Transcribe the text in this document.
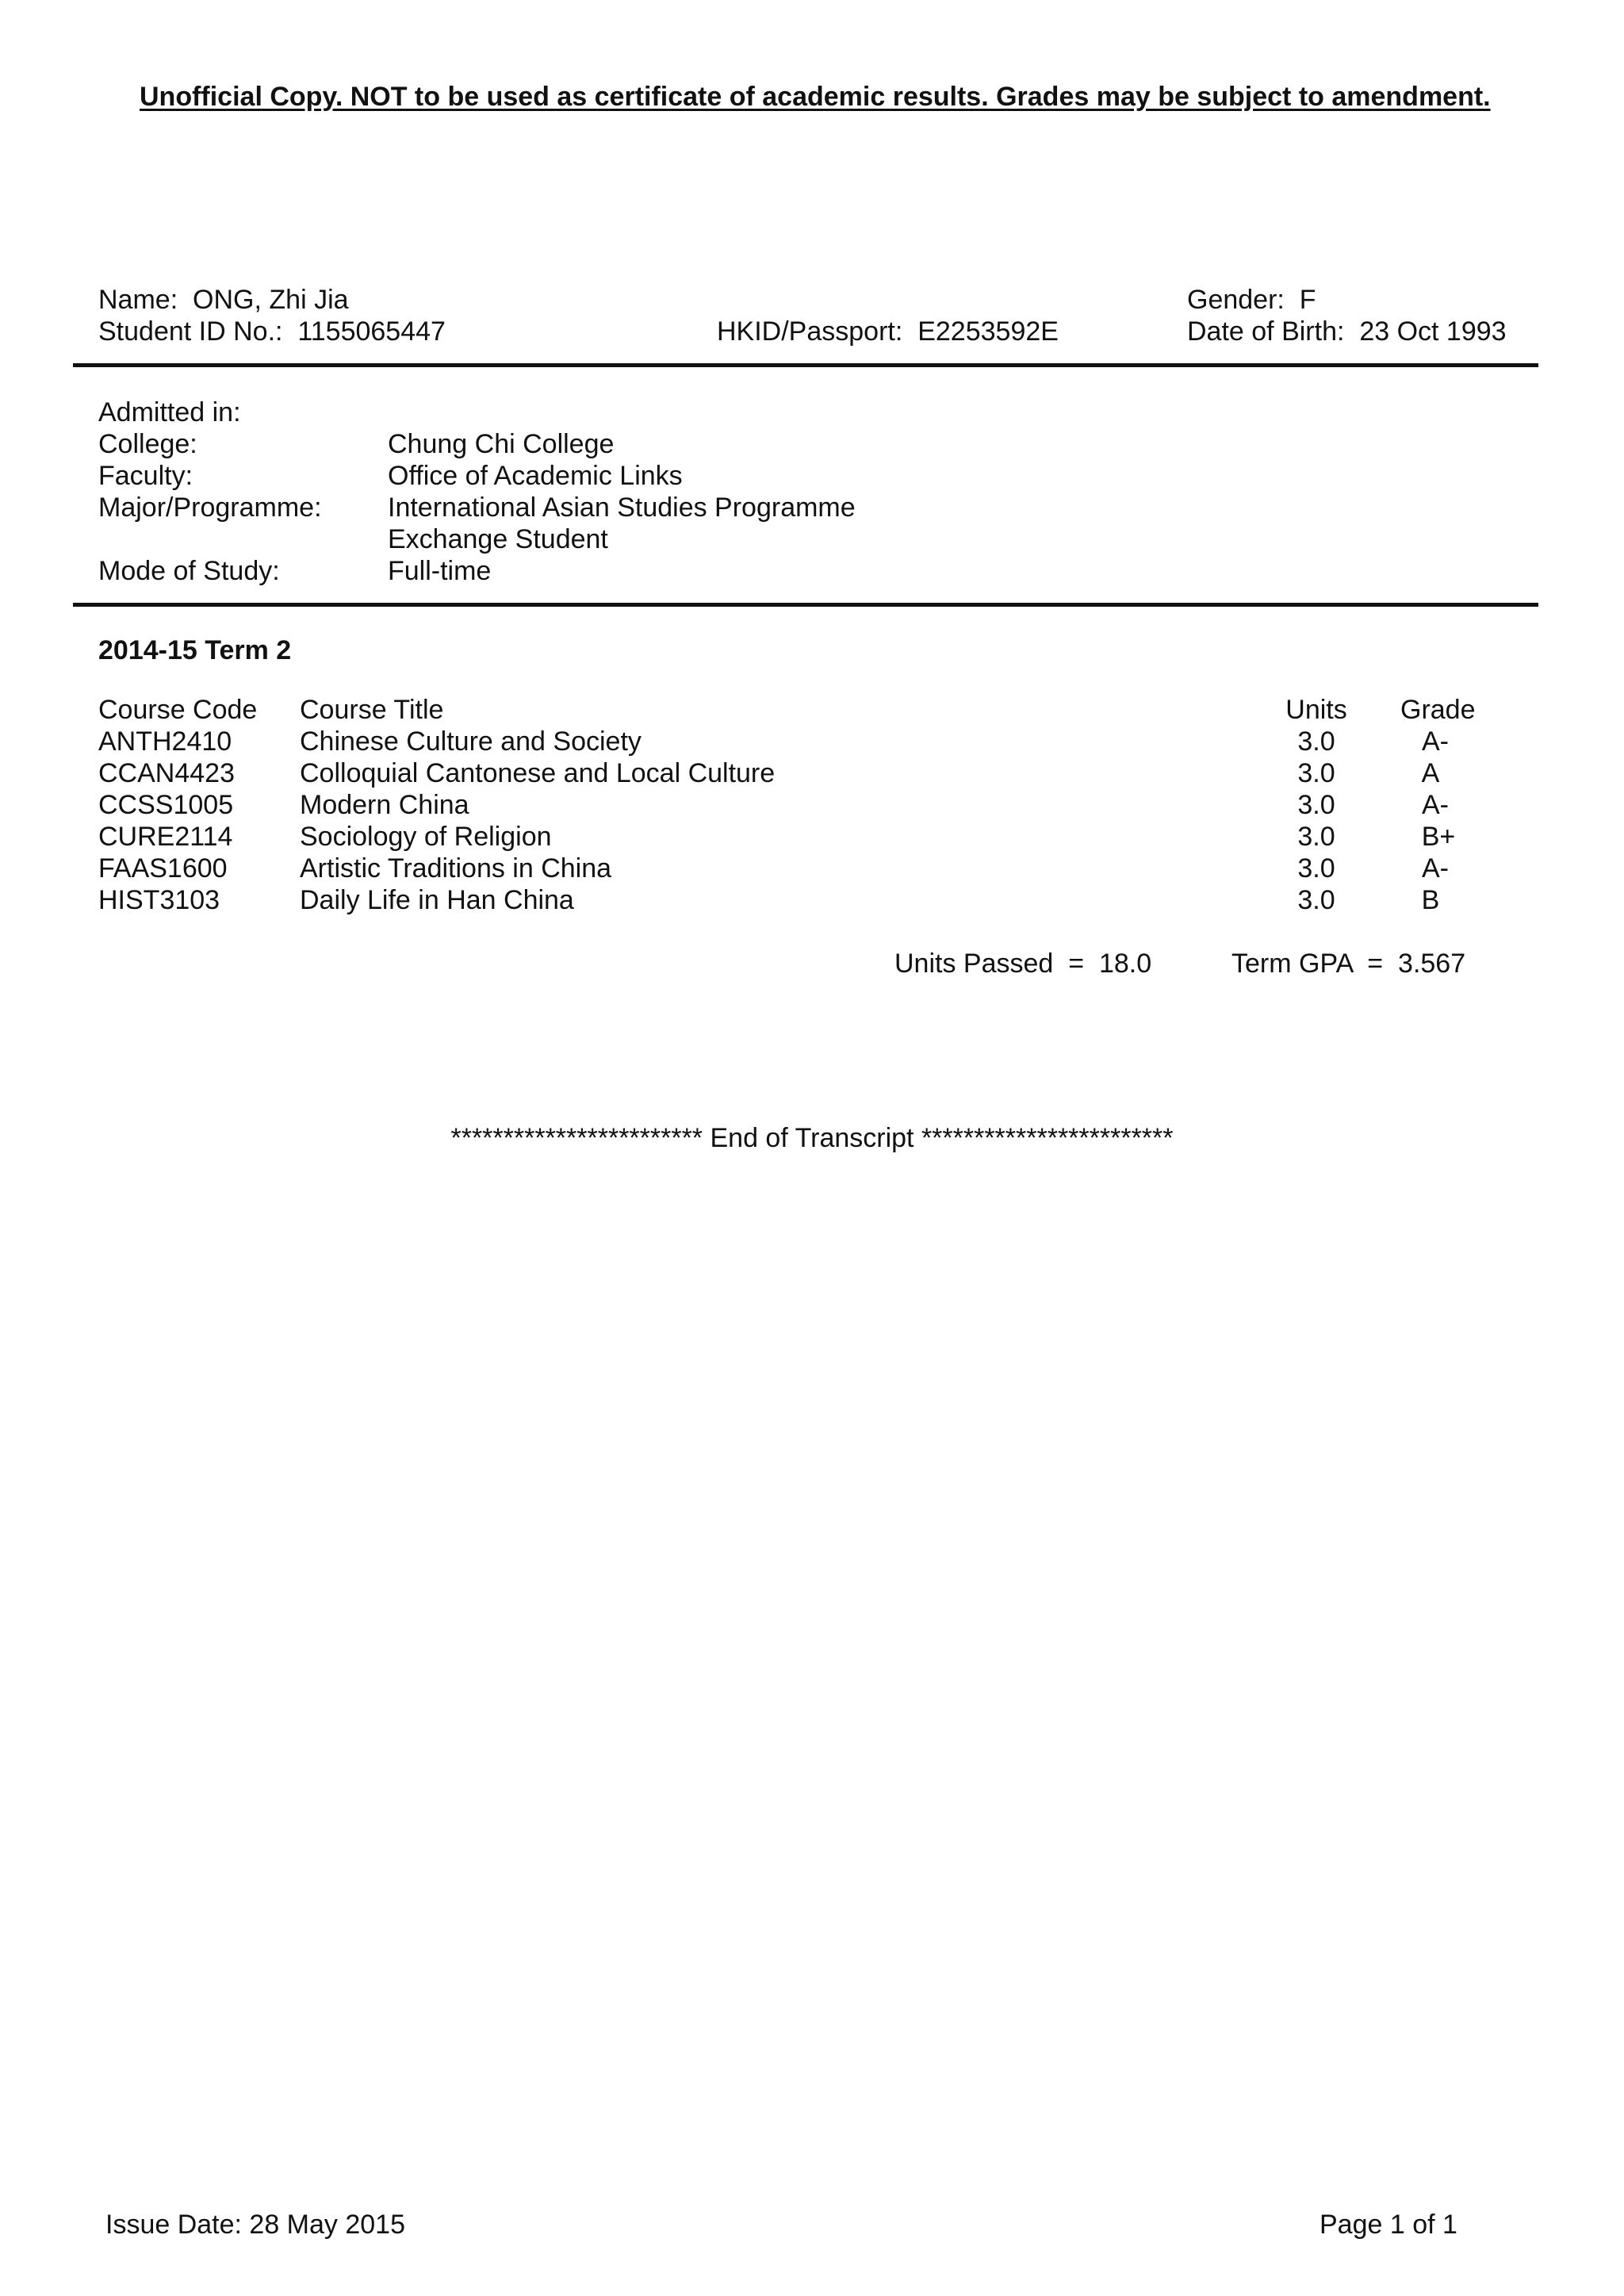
Unofficial Copy. NOT to be used as certificate of academic results. Grades may be subject to amendment.
Name: ONG, Zhi Jia
Student ID No.: 1155065447	HKID/Passport: E2253592E
Gender: F
Date of Birth: 23 Oct 1993
Admitted in:
College:	Chung Chi College
Faculty:	Office of Academic Links
Major/Programme: International Asian Studies Programme
Exchange Student
Mode of Study:	Full-time
2014-15 Term 2
Course Code Course Title	Units Grade
ANTH2410	Chinese Culture and Society	3.0	A-
CCAN4423 Colloquial Cantonese and Local Culture	3.0	A
CCSS1005 Modern China	3.0	A-
CURE2114 Sociology of Religion	3.0	B+
FAAS1600	Artistic Traditions in China	3.0	A-
HIST3103	Daily Life in Han China	3.0	B
Units Passed  =  18.0	Term GPA  =  3.567
************************ End of Transcript ************************
Issue Date: 28 May 2015	Page 1 of 1
